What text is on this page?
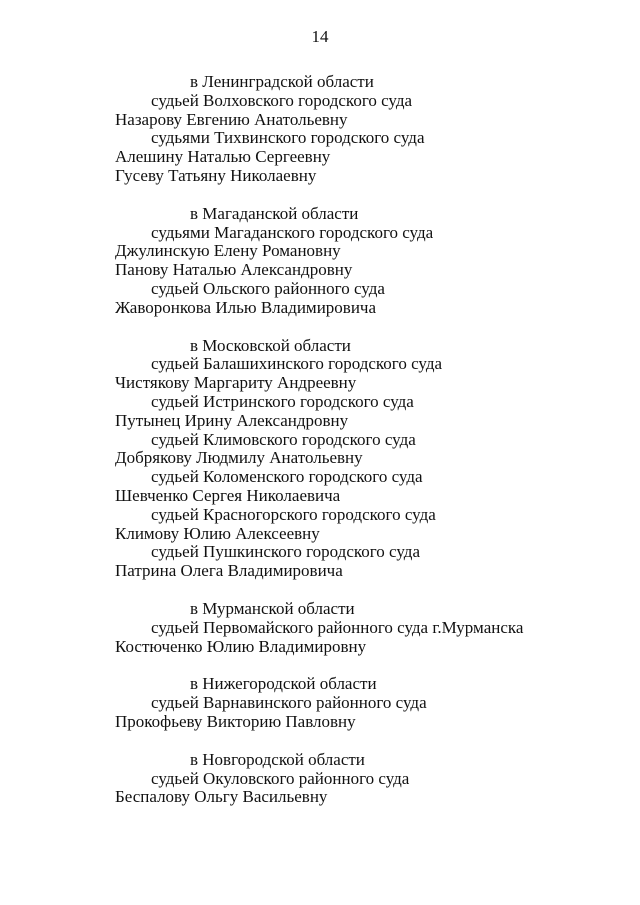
14
в Ленинградской области
судьей Волховского городского суда
Назарову Евгению Анатольевну
судьями Тихвинского городского суда
Алешину Наталью Сергеевну
Гусеву Татьяну Николаевну
в Магаданской области
судьями Магаданского городского суда
Джулинскую Елену Романовну
Панову Наталью Александровну
судьей Ольского районного суда
Жаворонкова Илью Владимировича
в Московской области
судьей Балашихинского городского суда
Чистякову Маргариту Андреевну
судьей Истринского городского суда
Путынец Ирину Александровну
судьей Климовского городского суда
Добрякову Людмилу Анатольевну
судьей Коломенского городского суда
Шевченко Сергея Николаевича
судьей Красногорского городского суда
Климову Юлию Алексеевну
судьей Пушкинского городского суда
Патрина Олега Владимировича
в Мурманской области
судьей Первомайского районного суда г.Мурманска
Костюченко Юлию Владимировну
в Нижегородской области
судьей Варнавинского районного суда
Прокофьеву Викторию Павловну
в Новгородской области
судьей Окуловского районного суда
Беспалову Ольгу Васильевну
